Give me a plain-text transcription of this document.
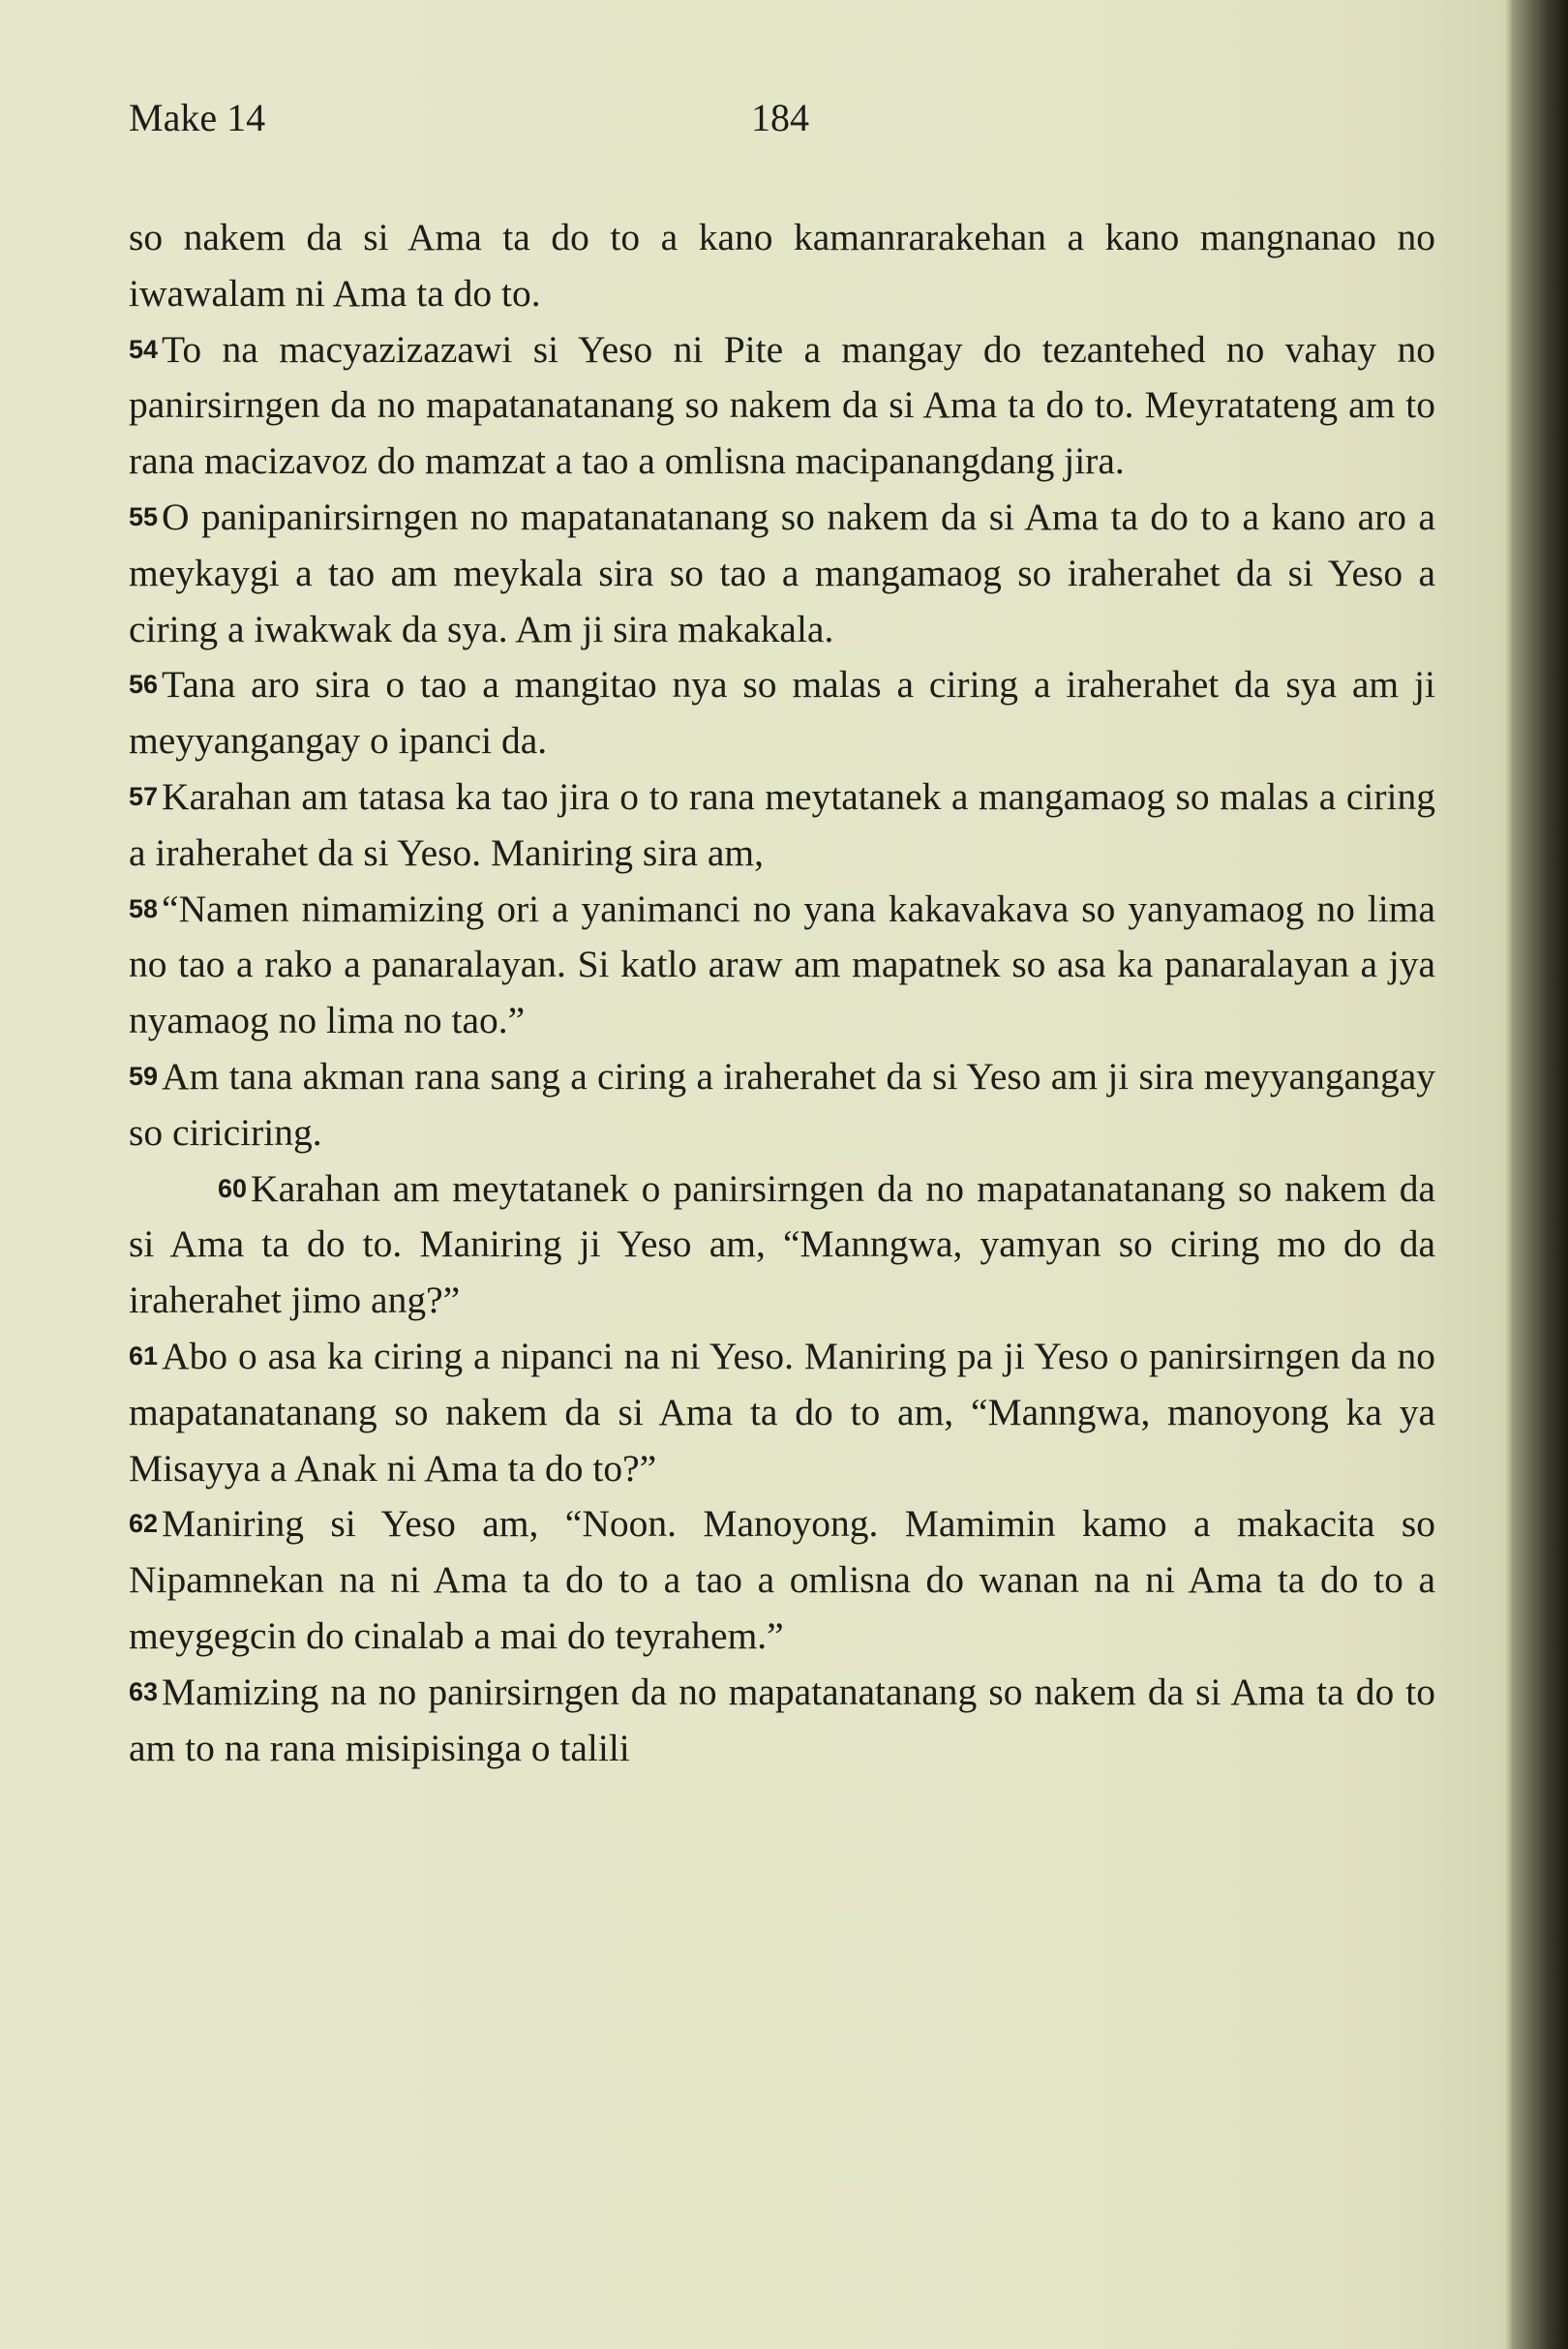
Make 14	184

so nakem da si Ama ta do to a kano kamanrarakehan a kano mangnanao no iwawalam ni Ama ta do to.

54 To na macyazizazawi si Yeso ni Pite a mangay do tezantehed no vahay no panirsirngen da no mapatanatanang so nakem da si Ama ta do to. Meyratateng am to rana macizavoz do mamzat a tao a omlisna macipanangdang jira.

55 O panipanirsirngen no mapatanatanang so nakem da si Ama ta do to a kano aro a meykaygi a tao am meykala sira so tao a mangamaog so iraherahet da si Yeso a ciring a iwakwak da sya. Am ji sira makakala.

56 Tana aro sira o tao a mangitao nya so malas a ciring a iraherahet da sya am ji meyyangangay o ipanci da.

57 Karahan am tatasa ka tao jira o to rana meytatanek a mangamaog so malas a ciring a iraherahet da si Yeso. Maniring sira am,

58 “Namen nimamizing ori a yanimanci no yana kakavakava so yanyamaog no lima no tao a rako a panaralayan. Si katlo araw am mapatnek so asa ka panaralayan a jya nyamaog no lima no tao.”

59 Am tana akman rana sang a ciring a iraherahet da si Yeso am ji sira meyyangangay so ciriciring.

60 Karahan am meytatanek o panirsirngen da no mapatanatanang so nakem da si Ama ta do to. Maniring ji Yeso am, “Manngwa, yamyan so ciring mo do da iraherahet jimo ang?”

61 Abo o asa ka ciring a nipanci na ni Yeso. Maniring pa ji Yeso o panirsirngen da no mapatanatanang so nakem da si Ama ta do to am, “Manngwa, manoyong ka ya Misayya a Anak ni Ama ta do to?”

62 Maniring si Yeso am, “Noon. Manoyong. Mamimin kamo a makacita so Nipamnekan na ni Ama ta do to a tao a omlisna do wanan na ni Ama ta do to a meygegcin do cinalab a mai do teyrahem.”

63 Mamizing na no panirsirngen da no mapatanatanang so nakem da si Ama ta do to am to na rana misipisinga o talili
